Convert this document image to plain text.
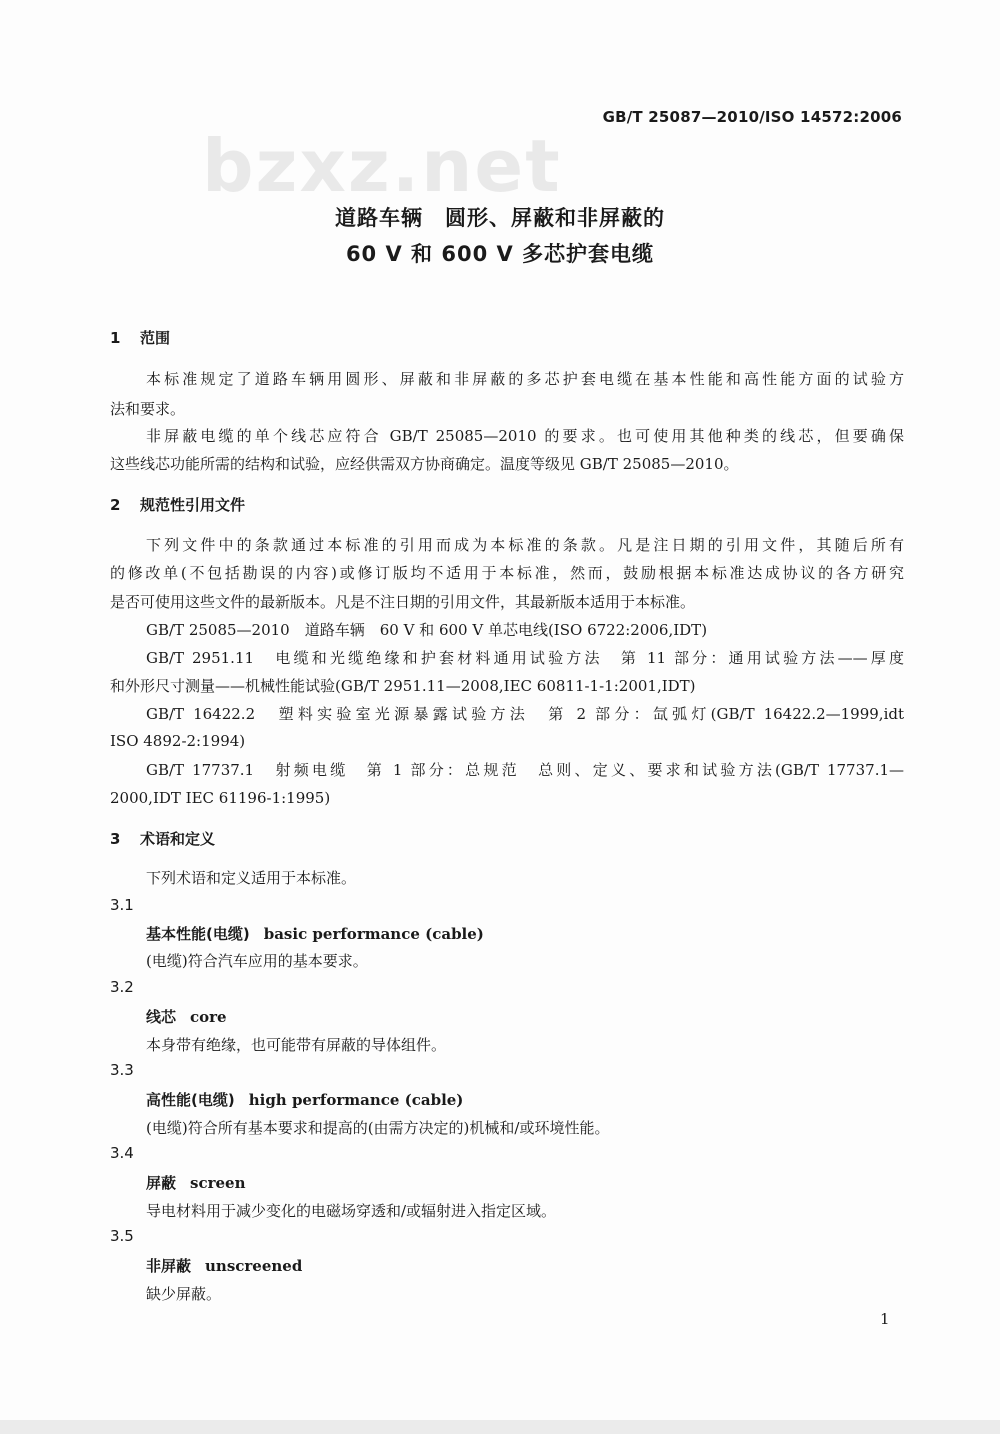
GB/T 25087—2010/ISO 14572:2006
bzxz.net
道路车辆　圆形、屏蔽和非屏蔽的
60 V 和 600 V 多芯护套电缆
1 范围
本标准规定了道路车辆用圆形、屏蔽和非屏蔽的多芯护套电缆在基本性能和高性能方面的试验方
法和要求。
非屏蔽电缆的单个线芯应符合 GB/T 25085—2010 的要求。也可使用其他种类的线芯，但要确保
这些线芯功能所需的结构和试验，应经供需双方协商确定。温度等级见 GB/T 25085—2010。
2 规范性引用文件
下列文件中的条款通过本标准的引用而成为本标准的条款。凡是注日期的引用文件，其随后所有
的修改单(不包括勘误的内容)或修订版均不适用于本标准，然而，鼓励根据本标准达成协议的各方研究
是否可使用这些文件的最新版本。凡是不注日期的引用文件，其最新版本适用于本标准。
GB/T 25085—2010　道路车辆　60 V 和 600 V 单芯电线(ISO 6722:2006,IDT)
GB/T 2951.11　电缆和光缆绝缘和护套材料通用试验方法　第 11 部分：通用试验方法——厚度
和外形尺寸测量——机械性能试验(GB/T 2951.11—2008,IEC 60811-1-1:2001,IDT)
GB/T 16422.2　塑料实验室光源暴露试验方法　第 2 部分：氙弧灯(GB/T 16422.2—1999,idt
ISO 4892-2:1994)
GB/T 17737.1　射频电缆　第 1 部分：总规范　总则、定义、要求和试验方法(GB/T 17737.1—
2000,IDT IEC 61196-1:1995)
3 术语和定义
下列术语和定义适用于本标准。
3.1
基本性能(电缆) basic performance (cable)
(电缆)符合汽车应用的基本要求。
3.2
线芯 core
本身带有绝缘，也可能带有屏蔽的导体组件。
3.3
高性能(电缆) high performance (cable)
(电缆)符合所有基本要求和提高的(由需方决定的)机械和/或环境性能。
3.4
屏蔽 screen
导电材料用于减少变化的电磁场穿透和/或辐射进入指定区域。
3.5
非屏蔽 unscreened
缺少屏蔽。
1
